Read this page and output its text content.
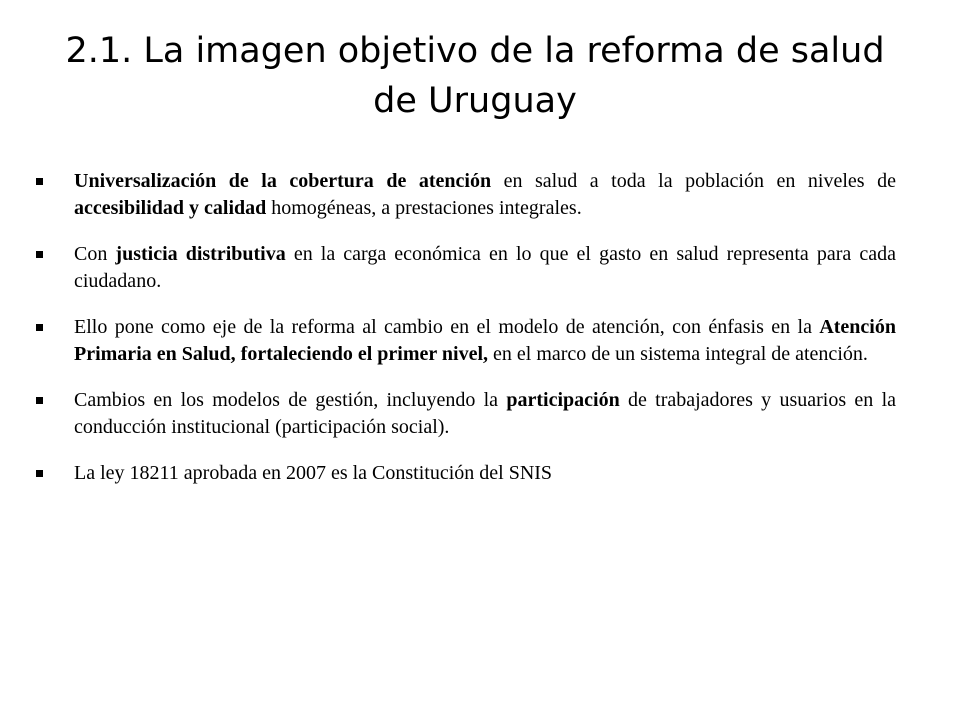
2.1. La imagen objetivo de la reforma de salud
de Uruguay
Universalización de la cobertura de atención en salud a toda la población en niveles de accesibilidad y calidad homogéneas, a prestaciones integrales.
Con justicia distributiva en la carga económica en lo que el gasto en salud representa para cada ciudadano.
Ello pone como eje de la reforma al cambio en el modelo de atención, con énfasis en la Atención Primaria en Salud, fortaleciendo el primer nivel, en el marco de un sistema integral de atención.
Cambios en los modelos de gestión, incluyendo la participación de trabajadores y usuarios en la conducción institucional (participación social).
La ley 18211 aprobada en 2007 es la Constitución del SNIS
